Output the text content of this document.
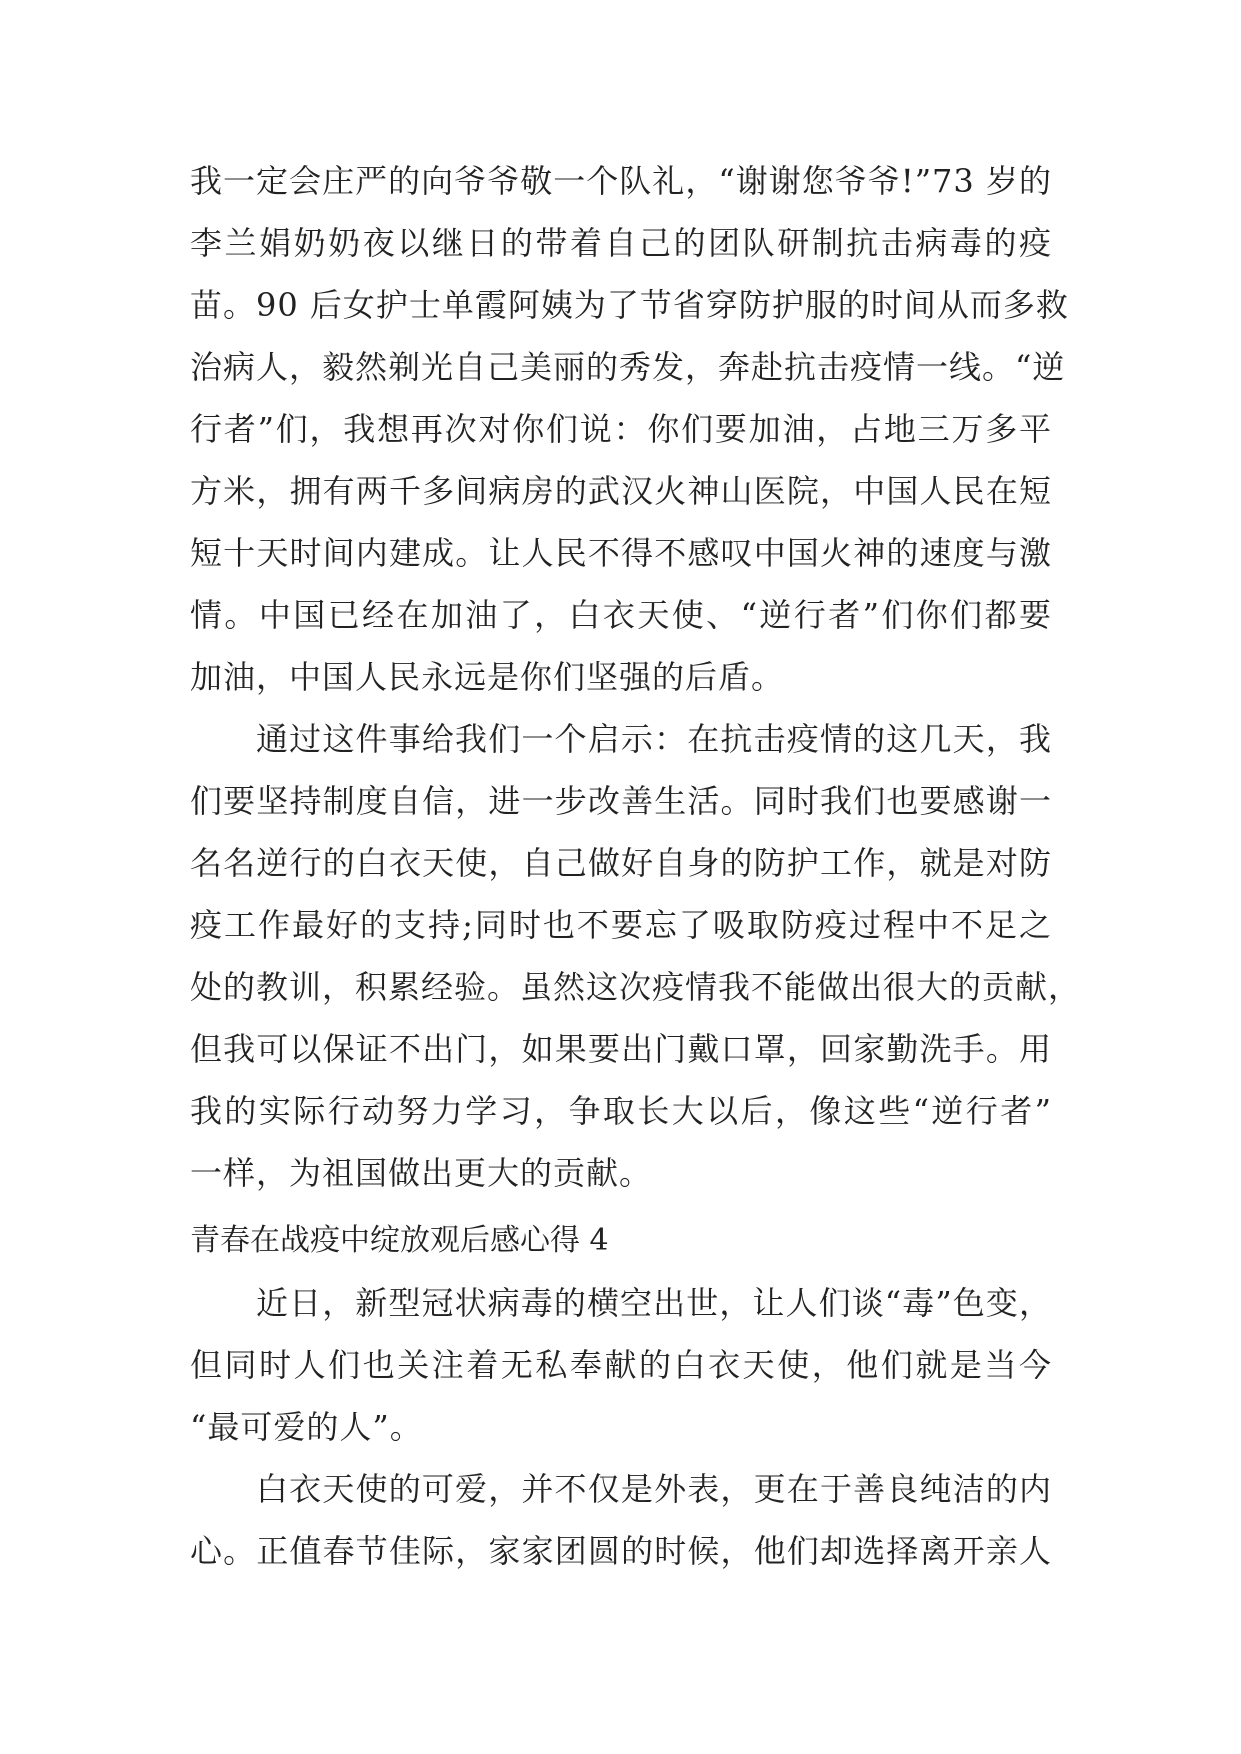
我一定会庄严的向爷爷敬一个队礼，“谢谢您爷爷!”73 岁的
李兰娟奶奶夜以继日的带着自己的团队研制抗击病毒的疫
苗。90 后女护士单霞阿姨为了节省穿防护服的时间从而多救
治病人，毅然剃光自己美丽的秀发，奔赴抗击疫情一线。“逆
行者”们，我想再次对你们说：你们要加油，占地三万多平
方米，拥有两千多间病房的武汉火神山医院，中国人民在短
短十天时间内建成。让人民不得不感叹中国火神的速度与激
情。中国已经在加油了，白衣天使、“逆行者”们你们都要
加油，中国人民永远是你们坚强的后盾。
通过这件事给我们一个启示：在抗击疫情的这几天，我
们要坚持制度自信，进一步改善生活。同时我们也要感谢一
名名逆行的白衣天使，自己做好自身的防护工作，就是对防
疫工作最好的支持;同时也不要忘了吸取防疫过程中不足之
处的教训，积累经验。虽然这次疫情我不能做出很大的贡献，
但我可以保证不出门，如果要出门戴口罩，回家勤洗手。用
我的实际行动努力学习，争取长大以后，像这些“逆行者”
一样，为祖国做出更大的贡献。
青春在战疫中绽放观后感心得 4
近日，新型冠状病毒的横空出世，让人们谈“毒”色变，
但同时人们也关注着无私奉献的白衣天使，他们就是当今
“最可爱的人”。
白衣天使的可爱，并不仅是外表，更在于善良纯洁的内
心。正值春节佳际，家家团圆的时候，他们却选择离开亲人
